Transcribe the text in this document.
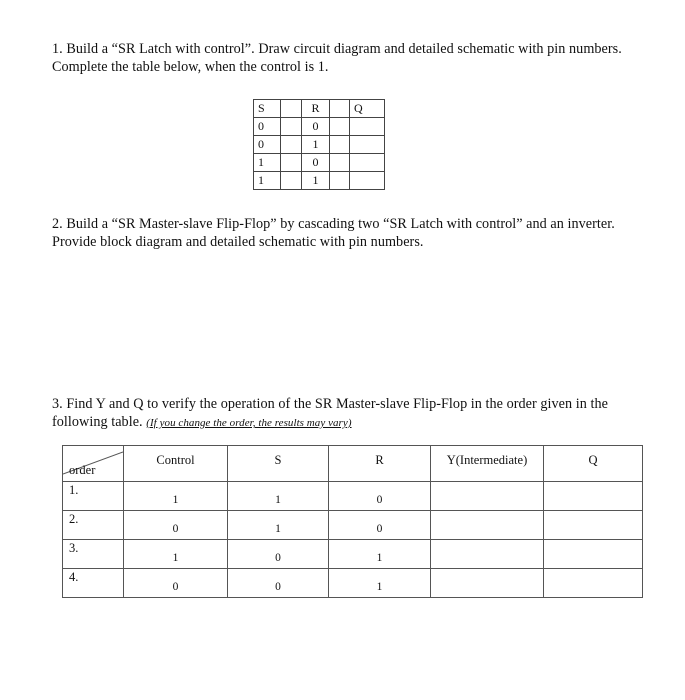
1. Build a “SR Latch with control”. Draw circuit diagram and detailed schematic with pin numbers.
Complete the table below, when the control is 1.
S		R		Q
0		0		
0		1		
1		0		
1		1		
2. Build a “SR Master-slave Flip-Flop” by cascading two “SR Latch with control” and an inverter.
Provide block diagram and detailed schematic with pin numbers.
3. Find Y and Q to verify the operation of the SR Master-slave Flip-Flop in the order given in the
following table. (If you change the order, the results may vary)
order	Control	S	R	Y(Intermediate)	Q

1.	1	1	0		

2.	0	1	0		

3.	1	0	1		

4.	0	0	1		
